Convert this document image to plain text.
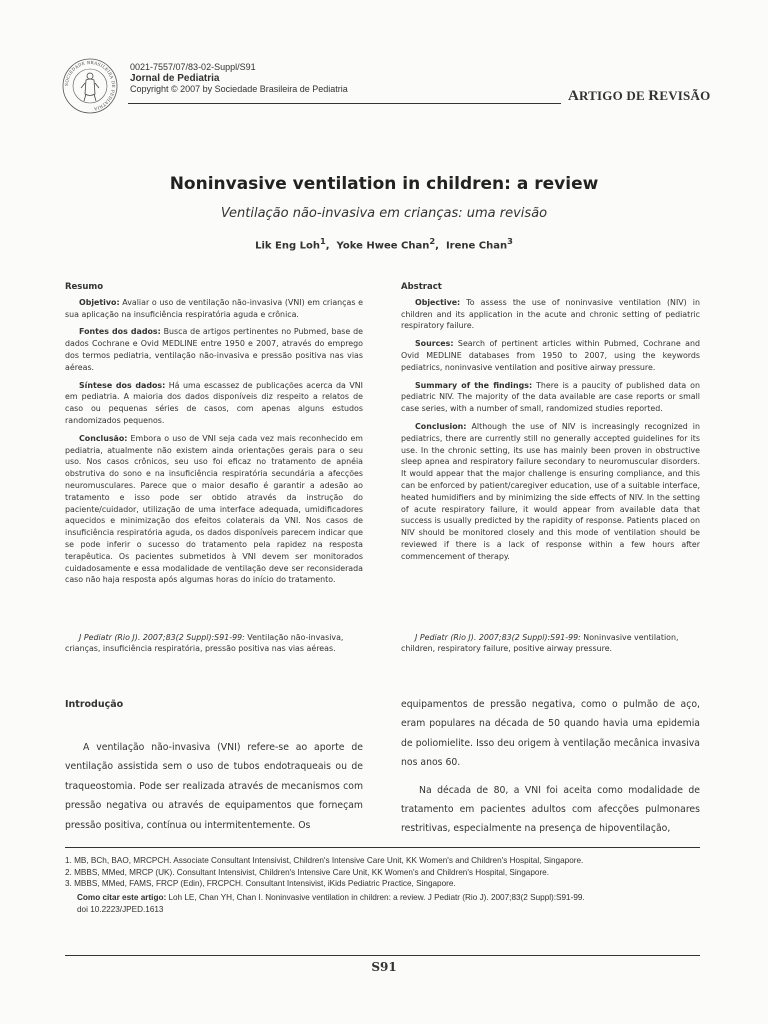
SOCIEDADE BRASILEIRA DE PEDIATRIA
0021-7557/07/83-02-Suppl/S91
Jornal de Pediatria
Copyright © 2007 by Sociedade Brasileira de Pediatria	ARTIGO DE REVISÃO
Noninvasive ventilation in children: a review
Ventilação não-invasiva em crianças: uma revisão
Lik Eng Loh$^1$,  Yoke Hwee Chan$^2$,  Irene Chan$^3$
Resumo

Objetivo: Avaliar o uso de ventilação não-invasiva (VNI) em crianças e sua aplicação na insuficiência respiratória aguda e crônica.

Fontes dos dados: Busca de artigos pertinentes no Pubmed, base de dados Cochrane e Ovid MEDLINE entre 1950 e 2007, através do emprego dos termos pediatria, ventilação não-invasiva e pressão positiva nas vias aéreas.

Síntese dos dados: Há uma escassez de publicações acerca da VNI em pediatria. A maioria dos dados disponíveis diz respeito a relatos de caso ou pequenas séries de casos, com apenas alguns estudos randomizados pequenos.

Conclusão: Embora o uso de VNI seja cada vez mais reconhecido em pediatria, atualmente não existem ainda orientações gerais para o seu uso. Nos casos crônicos, seu uso foi eficaz no tratamento de apnéia obstrutiva do sono e na insuficiência respiratória secundária a afecções neuromusculares. Parece que o maior desafio é garantir a adesão ao tratamento e isso pode ser obtido através da instrução do paciente/cuidador, utilização de uma interface adequada, umidificadores aquecidos e minimização dos efeitos colaterais da VNI. Nos casos de insuficiência respiratória aguda, os dados disponíveis parecem indicar que se pode inferir o sucesso do tratamento pela rapidez na resposta terapêutica. Os pacientes submetidos à VNI devem ser monitorados cuidadosamente e essa modalidade de ventilação deve ser reconsiderada caso não haja resposta após algumas horas do início do tratamento.

Abstract

Objective: To assess the use of noninvasive ventilation (NIV) in children and its application in the acute and chronic setting of pediatric respiratory failure.

Sources: Search of pertinent articles within Pubmed, Cochrane and Ovid MEDLINE databases from 1950 to 2007, using the keywords pediatrics, noninvasive ventilation and positive airway pressure.

Summary of the findings: There is a paucity of published data on pediatric NIV. The majority of the data available are case reports or small case series, with a number of small, randomized studies reported.

Conclusion: Although the use of NIV is increasingly recognized in pediatrics, there are currently still no generally accepted guidelines for its use. In the chronic setting, its use has mainly been proven in obstructive sleep apnea and respiratory failure secondary to neuromuscular disorders. It would appear that the major challenge is ensuring compliance, and this can be enforced by patient/caregiver education, use of a suitable interface, heated humidifiers and by minimizing the side effects of NIV. In the setting of acute respiratory failure, it would appear from available data that success is usually predicted by the rapidity of response. Patients placed on NIV should be monitored closely and this mode of ventilation should be reviewed if there is a lack of response within a few hours after commencement of therapy.

J Pediatr (Rio J). 2007;83(2 Suppl):S91-99: Ventilação não-invasiva, crianças, insuficiência respiratória, pressão positiva nas vias aéreas.
J Pediatr (Rio J). 2007;83(2 Suppl):S91-99: Noninvasive ventilation, children, respiratory failure, positive airway pressure.
Introdução

A ventilação não-invasiva (VNI) refere-se ao aporte de ventilação assistida sem o uso de tubos endotraqueais ou de traqueostomia. Pode ser realizada através de mecanismos com pressão negativa ou através de equipamentos que forneçam pressão positiva, contínua ou intermitentemente. Os

equipamentos de pressão negativa, como o pulmão de aço, eram populares na década de 50 quando havia uma epidemia de poliomielite. Isso deu origem à ventilação mecânica invasiva nos anos 60.

Na década de 80, a VNI foi aceita como modalidade de tratamento em pacientes adultos com afecções pulmonares restritivas, especialmente na presença de hipoventilação,

1. MB, BCh, BAO, MRCPCH. Associate Consultant Intensivist, Children's Intensive Care Unit, KK Women's and Children's Hospital, Singapore.

2. MBBS, MMed, MRCP (UK). Consultant Intensivist, Children's Intensive Care Unit, KK Women's and Children's Hospital, Singapore.

3. MBBS, MMed, FAMS, FRCP (Edin), FRCPCH. Consultant Intensivist, iKids Pediatric Practice, Singapore.

Como citar este artigo: Loh LE, Chan YH, Chan I. Noninvasive ventilation in children: a review. J Pediatr (Rio J). 2007;83(2 Suppl):S91-99.

doi 10.2223/JPED.1613

S91
